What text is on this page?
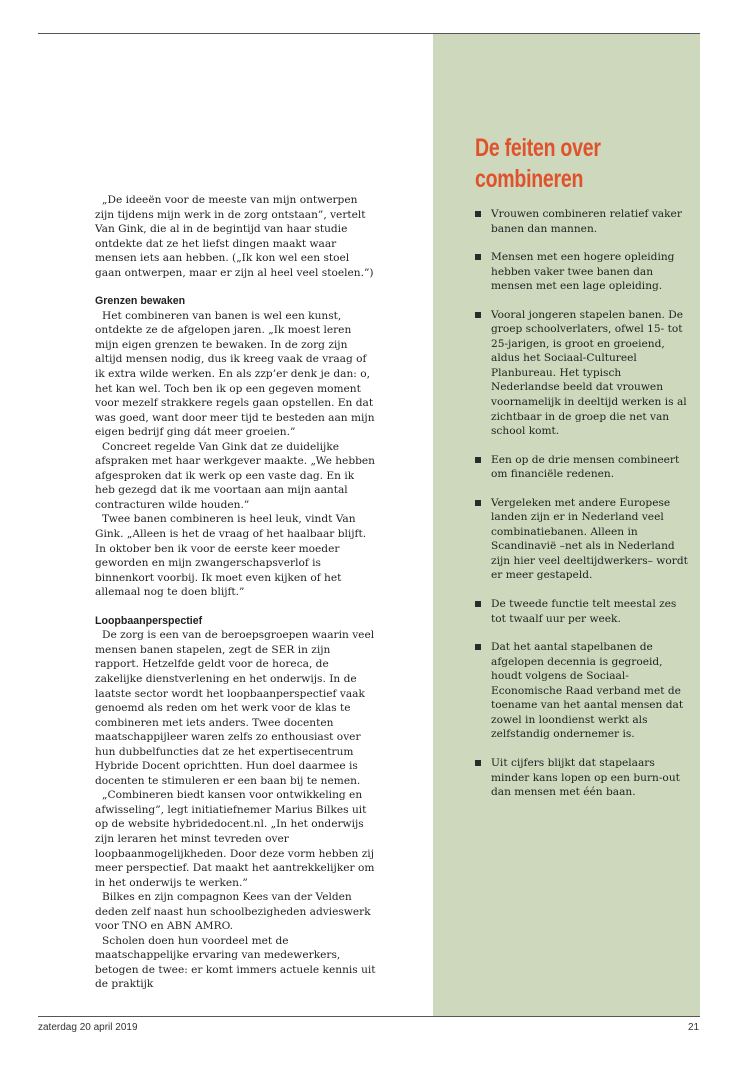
„De ideeën voor de meeste van mijn ontwerpen zijn tijdens mijn werk in de zorg ontstaan”, vertelt Van Gink, die al in de begintijd van haar studie ontdekte dat ze het liefst dingen maakt waar mensen iets aan hebben. („Ik kon wel een stoel gaan ontwerpen, maar er zijn al heel veel stoelen.”)

Grenzen bewaken

Het combineren van banen is wel een kunst, ontdekte ze de afgelopen jaren. „Ik moest leren mijn eigen grenzen te bewaken. In de zorg zijn altijd mensen nodig, dus ik kreeg vaak de vraag of ik extra wilde werken. En als zzp’er denk je dan: o, het kan wel. Toch ben ik op een gegeven moment voor mezelf strakkere regels gaan opstellen. En dat was goed, want door meer tijd te besteden aan mijn eigen bedrijf ging dát meer groeien.”

Concreet regelde Van Gink dat ze duidelijke afspraken met haar werkgever maakte. „We hebben afgesproken dat ik werk op een vaste dag. En ik heb gezegd dat ik me voortaan aan mijn aantal contracturen wilde houden.”

Twee banen combineren is heel leuk, vindt Van Gink. „Alleen is het de vraag of het haalbaar blijft. In oktober ben ik voor de eerste keer moeder geworden en mijn zwangerschapsverlof is binnenkort voorbij. Ik moet even kijken of het allemaal nog te doen blijft.”

Loopbaanperspectief

De zorg is een van de beroepsgroepen waarin veel mensen banen stapelen, zegt de SER in zijn rapport. Hetzelfde geldt voor de horeca, de zakelijke dienstverlening en het onderwijs. In de laatste sector wordt het loopbaanperspectief vaak genoemd als reden om het werk voor de klas te combineren met iets anders. Twee docenten maatschappijleer waren zelfs zo enthousiast over hun dubbelfuncties dat ze het expertisecentrum Hybride Docent oprichtten. Hun doel daarmee is docenten te stimuleren er een baan bij te nemen.

„Combineren biedt kansen voor ontwikkeling en afwisseling”, legt initiatiefnemer Marius Bilkes uit op de website hybridedocent.nl. „In het onderwijs zijn leraren het minst tevreden over loopbaanmogelijkheden. Door deze vorm hebben zij meer perspectief. Dat maakt het aantrekkelijker om in het onderwijs te werken.”

Bilkes en zijn compagnon Kees van der Velden deden zelf naast hun schoolbezigheden advieswerk voor TNO en ABN AMRO.

Scholen doen hun voordeel met de maatschappelijke ervaring van medewerkers, betogen de twee: er komt immers actuele kennis uit de praktijk

De feiten over combineren
Vrouwen combineren relatief vaker banen dan mannen.
Mensen met een hogere opleiding hebben vaker twee banen dan mensen met een lage opleiding.
Vooral jongeren stapelen banen. De groep schoolverlaters, ofwel 15- tot 25-jarigen, is groot en groeiend, aldus het Sociaal-Cultureel Planbureau. Het typisch Nederlandse beeld dat vrouwen voornamelijk in deeltijd werken is al zichtbaar in de groep die net van school komt.
Een op de drie mensen combineert om financiële redenen.
Vergeleken met andere Europese landen zijn er in Nederland veel combinatiebanen. Alleen in Scandinavië –net als in Nederland zijn hier veel deeltijdwerkers– wordt er meer gestapeld.
De tweede functie telt meestal zes tot twaalf uur per week.
Dat het aantal stapelbanen de afgelopen decennia is gegroeid, houdt volgens de Sociaal-Economische Raad verband met de toename van het aantal mensen dat zowel in loondienst werkt als zelfstandig ondernemer is.
Uit cijfers blijkt dat stapelaars minder kans lopen op een burn-out dan mensen met één baan.
zaterdag 20 april 2019	21
